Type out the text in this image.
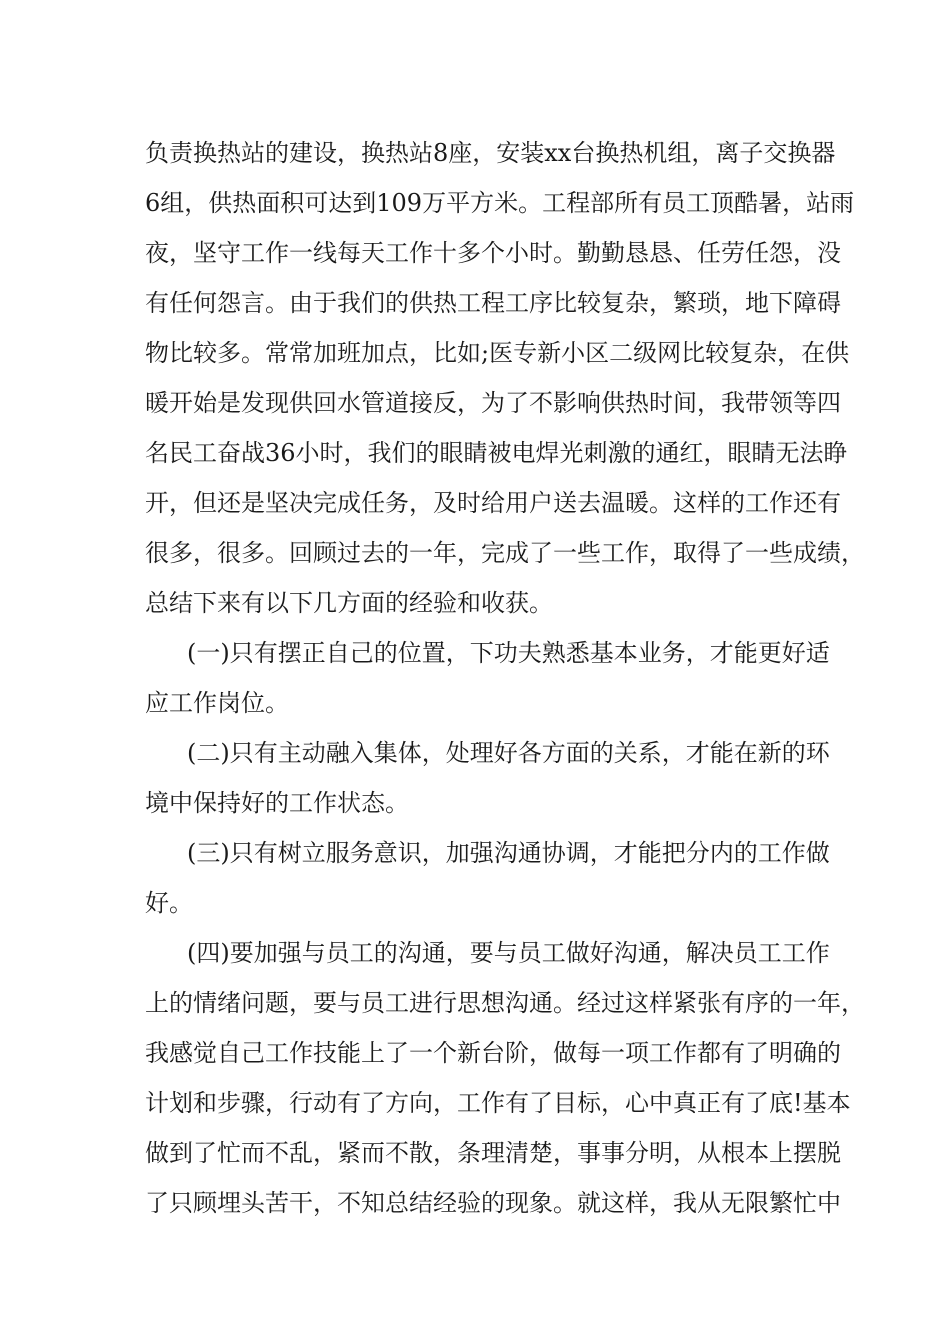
负责换热站的建设，换热站8座，安装xx台换热机组，离子交换器
6组，供热面积可达到109万平方米。工程部所有员工顶酷暑，站雨
夜，坚守工作一线每天工作十多个小时。勤勤恳恳、任劳任怨，没
有任何怨言。由于我们的供热工程工序比较复杂，繁琐，地下障碍
物比较多。常常加班加点，比如;医专新小区二级网比较复杂，在供
暖开始是发现供回水管道接反，为了不影响供热时间，我带领等四
名民工奋战36小时，我们的眼睛被电焊光刺激的通红，眼睛无法睁
开，但还是坚决完成任务，及时给用户送去温暖。这样的工作还有
很多，很多。回顾过去的一年，完成了一些工作，取得了一些成绩，
总结下来有以下几方面的经验和收获。
(一)只有摆正自己的位置，下功夫熟悉基本业务，才能更好适
应工作岗位。
(二)只有主动融入集体，处理好各方面的关系，才能在新的环
境中保持好的工作状态。
(三)只有树立服务意识，加强沟通协调，才能把分内的工作做
好。
(四)要加强与员工的沟通，要与员工做好沟通，解决员工工作
上的情绪问题，要与员工进行思想沟通。经过这样紧张有序的一年，
我感觉自己工作技能上了一个新台阶，做每一项工作都有了明确的
计划和步骤，行动有了方向，工作有了目标，心中真正有了底!基本
做到了忙而不乱，紧而不散，条理清楚，事事分明，从根本上摆脱
了只顾埋头苦干，不知总结经验的现象。就这样，我从无限繁忙中
